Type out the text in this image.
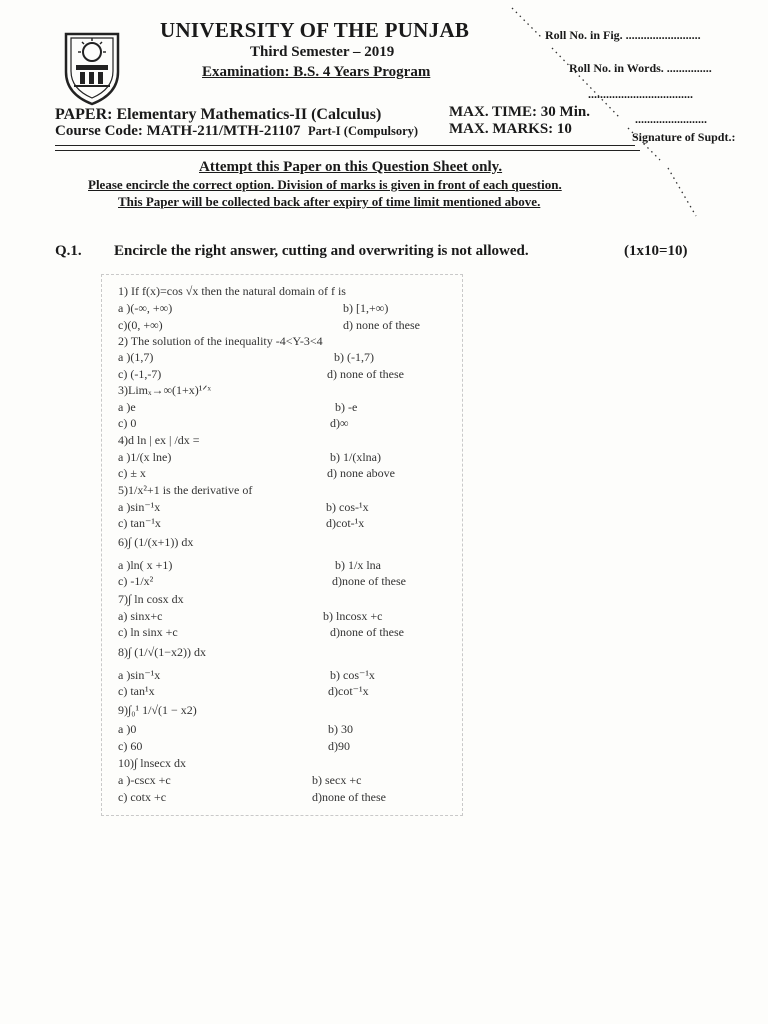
UNIVERSITY OF THE PUNJAB
Third Semester – 2019
Examination: B.S. 4 Years Program
Roll No. in Fig. .........................
Roll No. in Words. ...............
...................................
........................
Signature of Supdt.:
PAPER: Elementary Mathematics-II (Calculus)
Course Code: MATH-211/MTH-21107 Part-I (Compulsory)
MAX. TIME: 30 Min.
MAX. MARKS: 10
Attempt this Paper on this Question Sheet only.
Please encircle the correct option. Division of marks is given in front of each question.
This Paper will be collected back after expiry of time limit mentioned above.
Q.1. Encircle the right answer, cutting and overwriting is not allowed.	(1x10=10)
1) If f(x)=cos √x then the natural domain of f is
a )(-∞, +∞)	b) [1,+∞)
c)(0, +∞)	d) none of these
2) The solution of the inequality -4<Y-3<4
a )(1,7)	b) (-1,7)
c) (-1,-7)	d) none of these
3)Limₓ→∞(1+x)¹ᐟˣ
a )e	b) -e
c) 0	d)∞
4)d ln | ex | /dx =
a )1/(x lne)	b) 1/(xlna)
c) ± x	d) none above
5)1/x²+1 is the derivative of
a )sin⁻¹x	b) cos-¹x
c) tan⁻¹x	d)cot-¹x
6)∫ (1/(x+1)) dx
a )ln( x +1)	b) 1/x lna
c) -1/x²	d)none of these
7)∫ ln cosx dx
a) sinx+c	b) lncosx +c
c) ln sinx +c	d)none of these
8)∫ (1/√(1−x2)) dx
a )sin⁻¹x	b) cos⁻¹x
c) tan¹x	d)cot⁻¹x
9)∫₀¹ 1/√(1 − x2)
a )0	b) 30
c) 60	d)90
10)∫ lnsecx dx
a )-cscx +c	b) secx +c
c) cotx +c	d)none of these
